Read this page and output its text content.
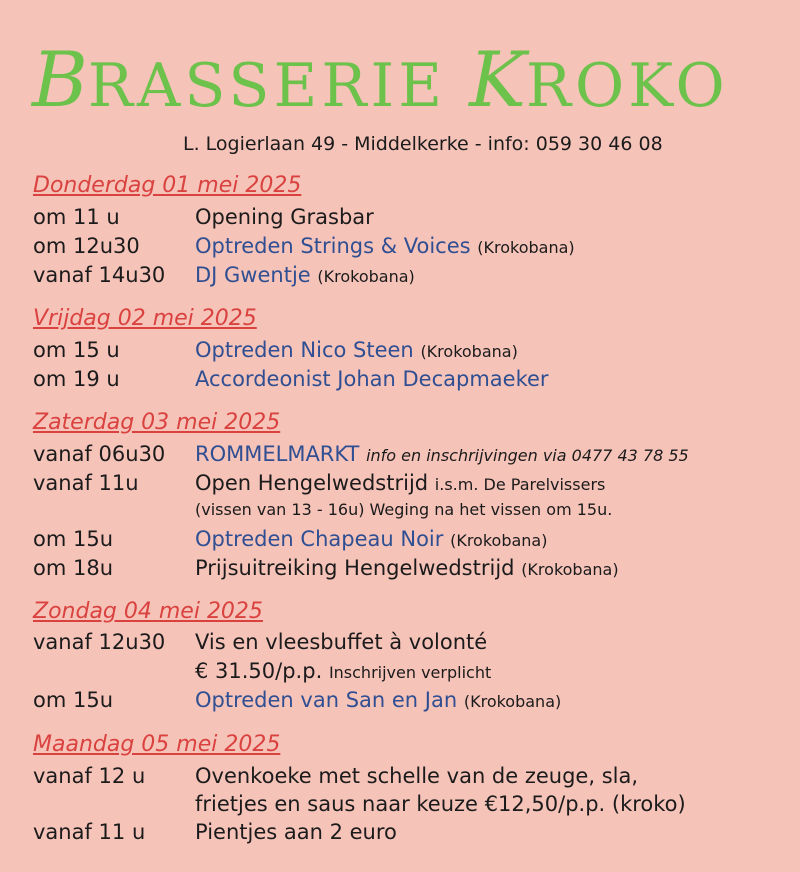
BRASSERIE KROKO
L. Logierlaan 49 - Middelkerke - info: 059 30 46 08
Donderdag 01 mei 2025
om 11 u	Opening Grasbar
om 12u30	Optreden Strings & Voices (Krokobana)
vanaf 14u30 DJ Gwentje (Krokobana)
Vrijdag 02 mei 2025
om 15 u	Optreden Nico Steen (Krokobana)
om 19 u	Accordeonist Johan Decapmaeker
Zaterdag 03 mei 2025
vanaf 06u30 ROMMELMARKT info en inschrijvingen via 0477 43 78 55
vanaf 11u	Open Hengelwedstrijd i.s.m. De Parelvissers
(vissen van 13 - 16u) Weging na het vissen om 15u.
om 15u	Optreden Chapeau Noir (Krokobana)
om 18u	Prijsuitreiking Hengelwedstrijd (Krokobana)
Zondag 04 mei 2025
vanaf 12u30 Vis en vleesbuffet à volonté
€ 31.50/p.p. Inschrijven verplicht
om 15u	Optreden van San en Jan (Krokobana)
Maandag 05 mei 2025
vanaf 12 u Ovenkoeke met schelle van de zeuge, sla,
frietjes en saus naar keuze €12,50/p.p. (kroko)
vanaf 11 u Pientjes aan 2 euro
